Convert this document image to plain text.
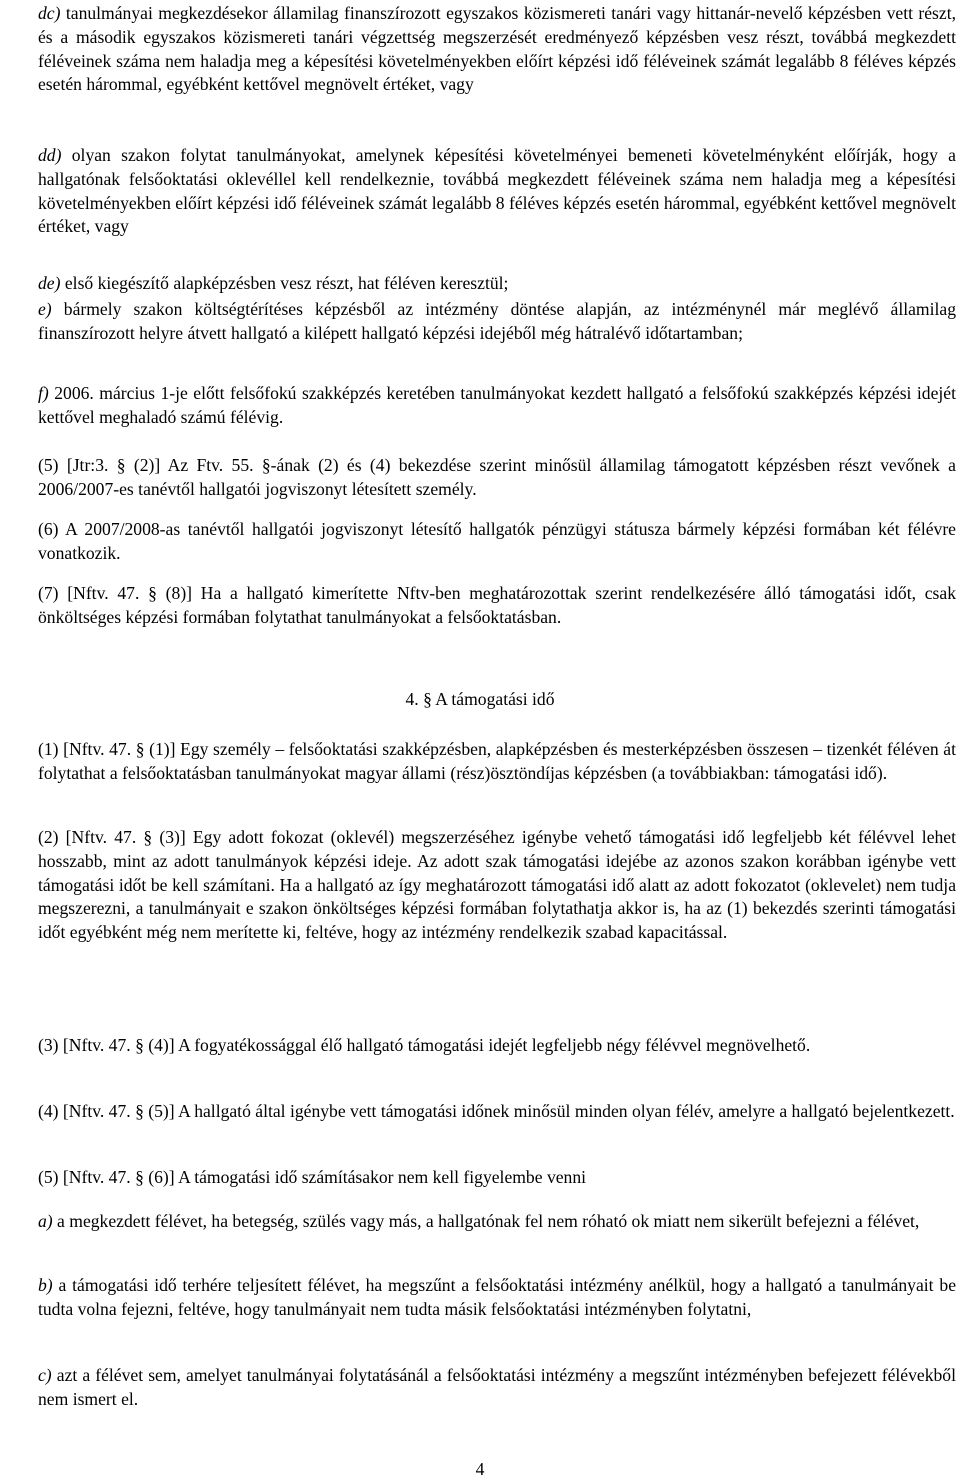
dc) tanulmányai megkezdésekor államilag finanszírozott egyszakos közismereti tanári vagy hittanár-nevelő képzésben vett részt, és a második egyszakos közismereti tanári végzettség megszerzését eredményező képzésben vesz részt, továbbá megkezdett féléveinek száma nem haladja meg a képesítési követelményekben előírt képzési idő féléveinek számát legalább 8 féléves képzés esetén hárommal, egyébként kettővel megnövelt értéket, vagy
dd) olyan szakon folytat tanulmányokat, amelynek képesítési követelményei bemeneti követelményként előírják, hogy a hallgatónak felsőoktatási oklevéllel kell rendelkeznie, továbbá megkezdett féléveinek száma nem haladja meg a képesítési követelményekben előírt képzési idő féléveinek számát legalább 8 féléves képzés esetén hárommal, egyébként kettővel megnövelt értéket, vagy
de) első kiegészítő alapképzésben vesz részt, hat féléven keresztül;
e) bármely szakon költségtérítéses képzésből az intézmény döntése alapján, az intézménynél már meglévő államilag finanszírozott helyre átvett hallgató a kilépett hallgató képzési idejéből még hátralévő időtartamban;
f) 2006. március 1-je előtt felsőfokú szakképzés keretében tanulmányokat kezdett hallgató a felsőfokú szakképzés képzési idejét kettővel meghaladó számú félévig.
(5) [Jtr:3. § (2)] Az Ftv. 55. §-ának (2) és (4) bekezdése szerint minősül államilag támogatott képzésben részt vevőnek a 2006/2007-es tanévtől hallgatói jogviszonyt létesített személy.
(6) A 2007/2008-as tanévtől hallgatói jogviszonyt létesítő hallgatók pénzügyi státusza bármely képzési formában két félévre vonatkozik.
(7) [Nftv. 47. § (8)] Ha a hallgató kimerítette Nftv-ben meghatározottak szerint rendelkezésére álló támogatási időt, csak önköltséges képzési formában folytathat tanulmányokat a felsőoktatásban.
4. § A támogatási idő
(1) [Nftv. 47. § (1)] Egy személy – felsőoktatási szakképzésben, alapképzésben és mesterképzésben összesen – tizenkét féléven át folytathat a felsőoktatásban tanulmányokat magyar állami (rész)ösztöndíjas képzésben (a továbbiakban: támogatási idő).
(2) [Nftv. 47. § (3)] Egy adott fokozat (oklevél) megszerzéséhez igénybe vehető támogatási idő legfeljebb két félévvel lehet hosszabb, mint az adott tanulmányok képzési ideje. Az adott szak támogatási idejébe az azonos szakon korábban igénybe vett támogatási időt be kell számítani. Ha a hallgató az így meghatározott támogatási idő alatt az adott fokozatot (oklevelet) nem tudja megszerezni, a tanulmányait e szakon önköltséges képzési formában folytathatja akkor is, ha az (1) bekezdés szerinti támogatási időt egyébként még nem merítette ki, feltéve, hogy az intézmény rendelkezik szabad kapacitással.
(3) [Nftv. 47. § (4)] A fogyatékossággal élő hallgató támogatási idejét legfeljebb négy félévvel megnövelhető.
(4) [Nftv. 47. § (5)] A hallgató által igénybe vett támogatási időnek minősül minden olyan félév, amelyre a hallgató bejelentkezett.
(5) [Nftv. 47. § (6)] A támogatási idő számításakor nem kell figyelembe venni
a) a megkezdett félévet, ha betegség, szülés vagy más, a hallgatónak fel nem róható ok miatt nem sikerült befejezni a félévet,
b) a támogatási idő terhére teljesített félévet, ha megszűnt a felsőoktatási intézmény anélkül, hogy a hallgató a tanulmányait be tudta volna fejezni, feltéve, hogy tanulmányait nem tudta másik felsőoktatási intézményben folytatni,
c) azt a félévet sem, amelyet tanulmányai folytatásánál a felsőoktatási intézmény a megszűnt intézményben befejezett félévekből nem ismert el.
4
